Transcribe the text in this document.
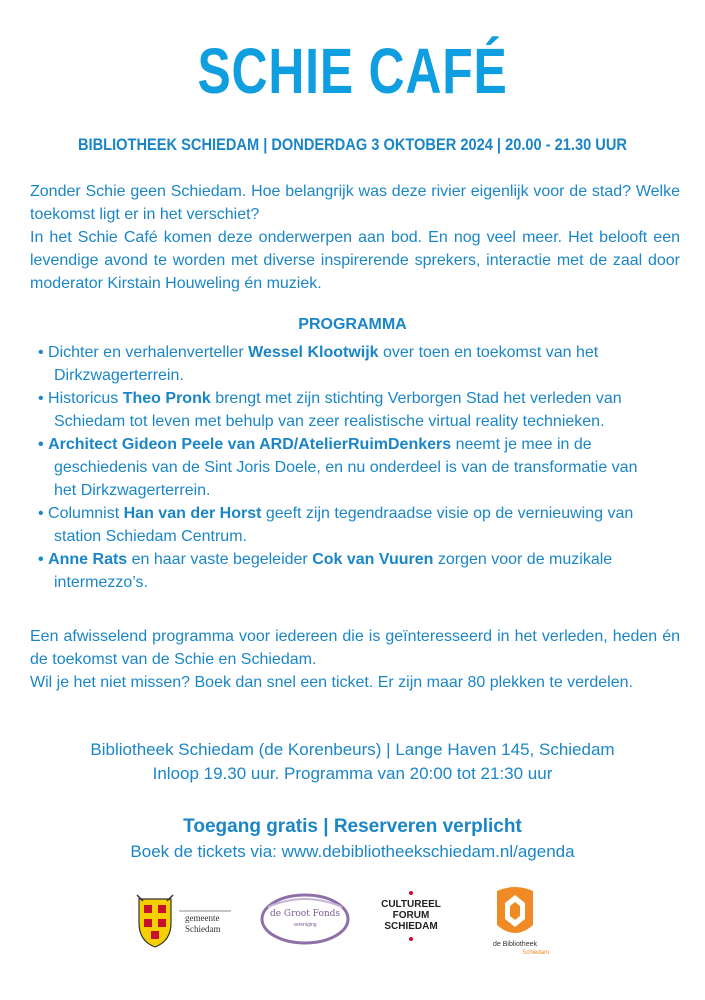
SCHIE CAFÉ
BIBLIOTHEEK SCHIEDAM | DONDERDAG 3 OKTOBER 2024 | 20.00 - 21.30 UUR
Zonder Schie geen Schiedam. Hoe belangrijk was deze rivier eigenlijk voor de stad? Welke toekomst ligt er in het verschiet?
In het Schie Café komen deze onderwerpen aan bod. En nog veel meer. Het belooft een levendige avond te worden met diverse inspirerende sprekers, interactie met de zaal door moderator Kirstain Houweling én muziek.
PROGRAMMA
• Dichter en verhalenverteller Wessel Klootwijk over toen en toekomst van het Dirkzwagerterrein.
• Historicus Theo Pronk brengt met zijn stichting Verborgen Stad het verleden van Schiedam tot leven met behulp van zeer realistische virtual reality technieken.
• Architect Gideon Peele van ARD/AtelierRuimDenkers neemt je mee in de geschiedenis van de Sint Joris Doele, en nu onderdeel is van de transformatie van het Dirkzwagerterrein.
• Columnist Han van der Horst geeft zijn tegendraadse visie op de vernieuwing van station Schiedam Centrum.
• Anne Rats en haar vaste begeleider Cok van Vuuren zorgen voor de muzikale intermezzo’s.
Een afwisselend programma voor iedereen die is geïnteresseerd in het verleden, heden én de toekomst van de Schie en Schiedam.
Wil je het niet missen? Boek dan snel een ticket. Er zijn maar 80 plekken te verdelen.
Bibliotheek Schiedam (de Korenbeurs) | Lange Haven 145, Schiedam
Inloop 19.30 uur. Programma van 20:00 tot 21:30 uur
Toegang gratis | Reserveren verplicht
Boek de tickets via: www.debibliotheekschiedam.nl/agenda
gemeente
Schiedam
de Groot Fonds
vereniging
CULTUREEL
FORUM
SCHIEDAM
de Bibliotheek
Schiedam
